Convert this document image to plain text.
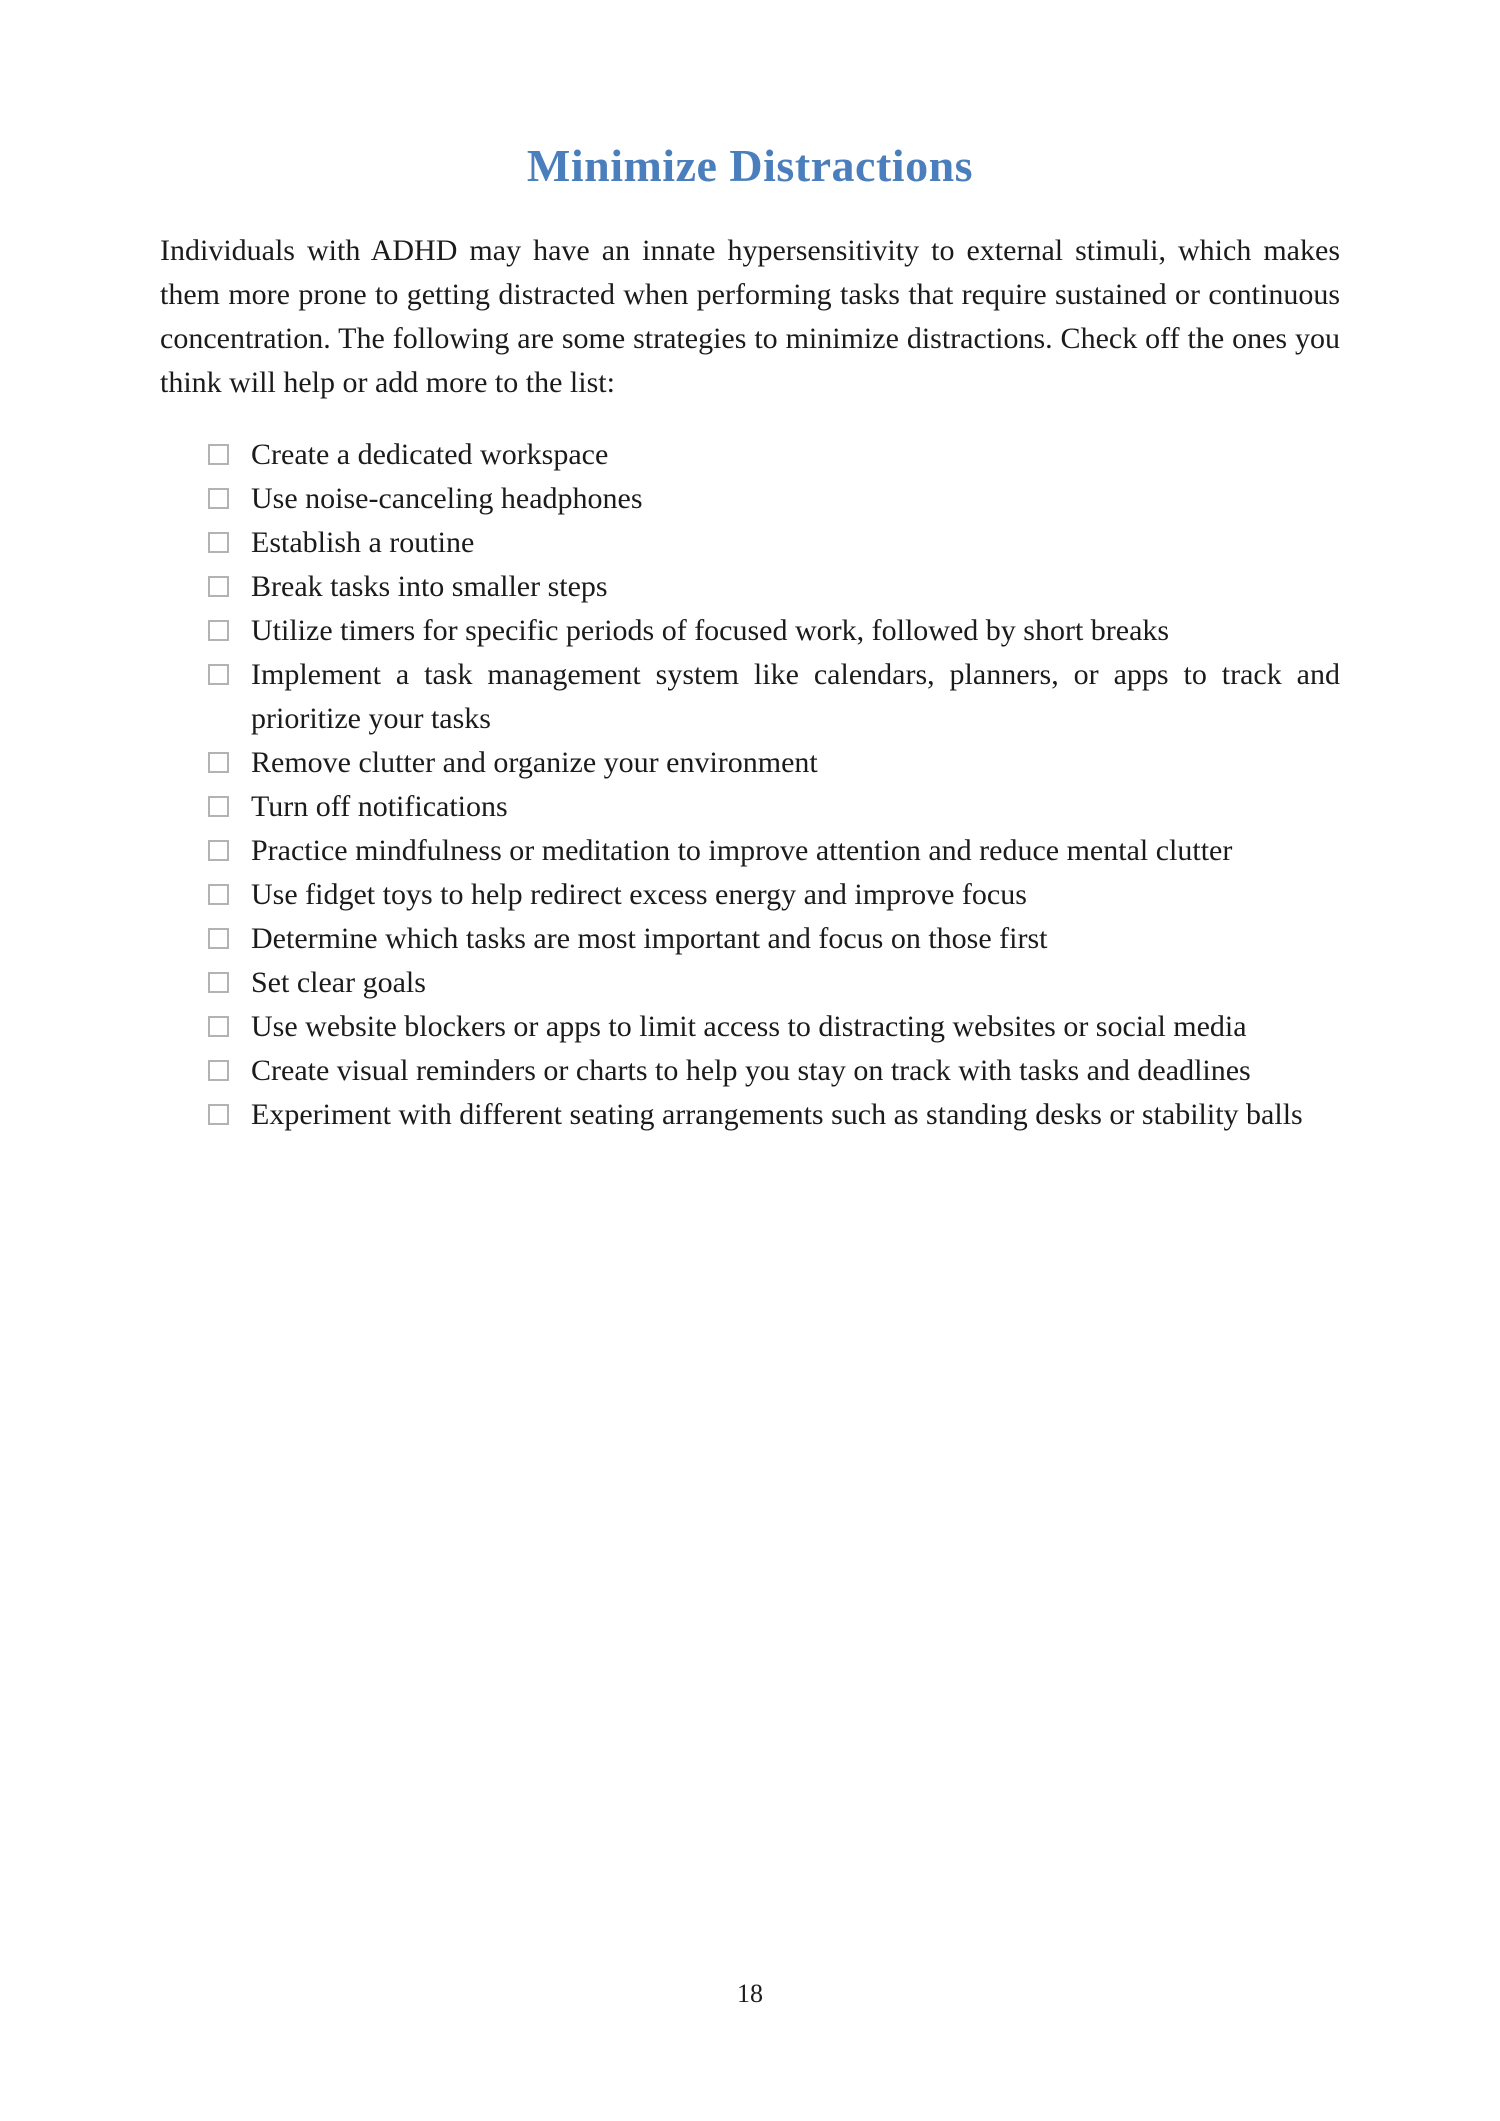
Minimize Distractions

Individuals with ADHD may have an innate hypersensitivity to external stimuli, which makes them more prone to getting distracted when performing tasks that require sustained or continuous concentration. The following are some strategies to minimize distractions. Check off the ones you think will help or add more to the list:

Create a dedicated workspace
Use noise-canceling headphones
Establish a routine
Break tasks into smaller steps
Utilize timers for specific periods of focused work, followed by short breaks
Implement a task management system like calendars, planners, or apps to track and prioritize your tasks
Remove clutter and organize your environment
Turn off notifications
Practice mindfulness or meditation to improve attention and reduce mental clutter
Use fidget toys to help redirect excess energy and improve focus
Determine which tasks are most important and focus on those first
Set clear goals
Use website blockers or apps to limit access to distracting websites or social media
Create visual reminders or charts to help you stay on track with tasks and deadlines
Experiment with different seating arrangements such as standing desks or stability balls
18
